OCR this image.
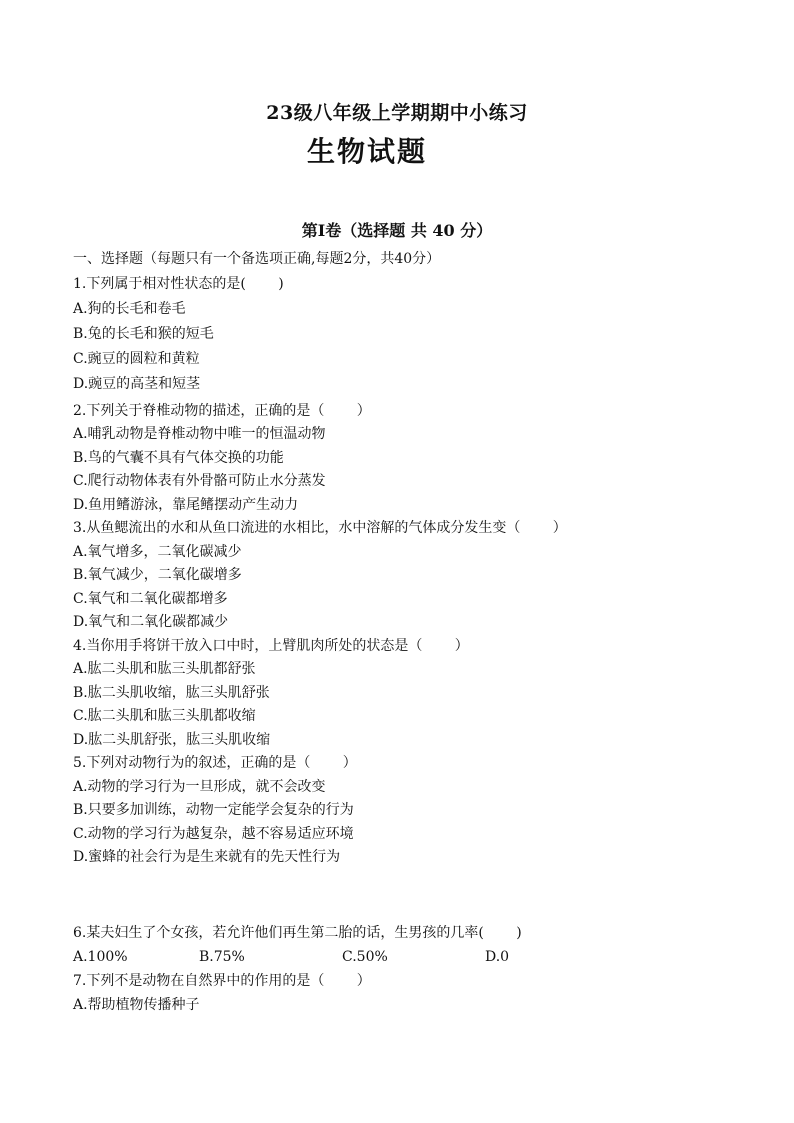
23级八年级上学期期中小练习
生物试题
第Ⅰ卷（选择题 共 40 分）
一、选择题（每题只有一个备选项正确,每题2分，共40分）
1.下列属于相对性状态的是(　　 )
A.狗的长毛和卷毛
B.兔的长毛和猴的短毛
C.豌豆的圆粒和黄粒
D.豌豆的高茎和短茎
2.下列关于脊椎动物的描述，正确的是（　　 ）
A.哺乳动物是脊椎动物中唯一的恒温动物
B.鸟的气囊不具有气体交换的功能
C.爬行动物体表有外骨骼可防止水分蒸发
D.鱼用鳍游泳，靠尾鳍摆动产生动力
3.从鱼鳃流出的水和从鱼口流进的水相比，水中溶解的气体成分发生变（　　 ）
A.氧气增多，二氧化碳减少
B.氧气减少，二氧化碳增多
C.氧气和二氧化碳都增多
D.氧气和二氧化碳都减少
4.当你用手将饼干放入口中时，上臂肌肉所处的状态是（　　 ）
A.肱二头肌和肱三头肌都舒张
B.肱二头肌收缩，肱三头肌舒张
C.肱二头肌和肱三头肌都收缩
D.肱二头肌舒张，肱三头肌收缩
5.下列对动物行为的叙述，正确的是（　　 ）
A.动物的学习行为一旦形成，就不会改变
B.只要多加训练，动物一定能学会复杂的行为
C.动物的学习行为越复杂，越不容易适应环境
D.蜜蜂的社会行为是生来就有的先天性行为
6.某夫妇生了个女孩，若允许他们再生第二胎的话，生男孩的几率(　　 )
A.100%	B.75%	C.50%	D.0
7.下列不是动物在自然界中的作用的是（　　 ）
A.帮助植物传播种子
